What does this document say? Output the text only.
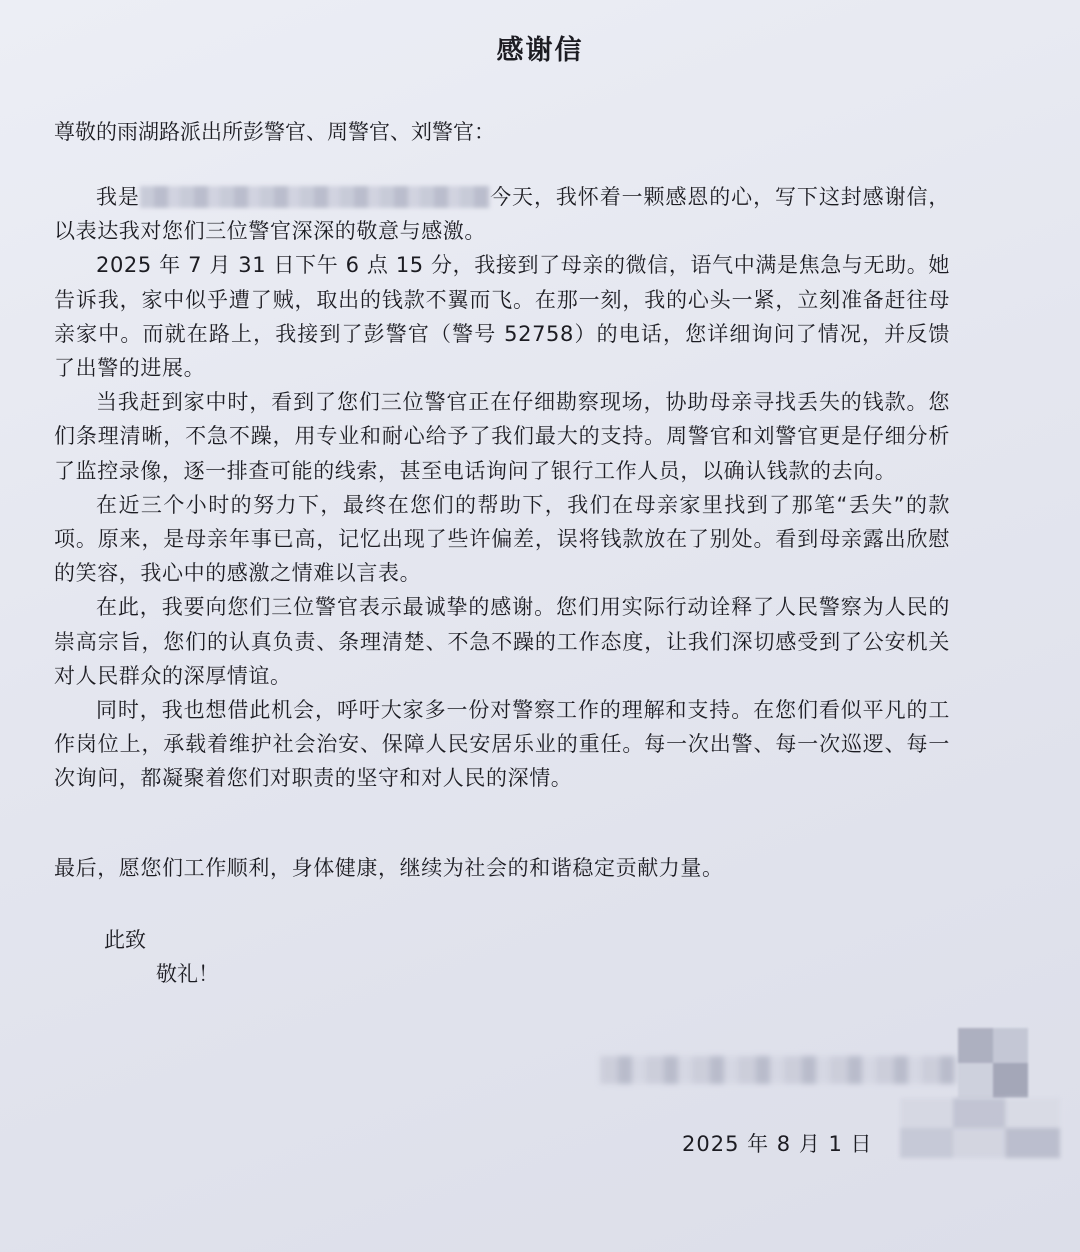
感谢信
尊敬的雨湖路派出所彭警官、周警官、刘警官：

我是	今天，我怀着一颗感恩的心，写下这封感谢信，以表达我对您们三位警官深深的敬意与感激。

2025 年 7 月 31 日下午 6 点 15 分，我接到了母亲的微信，语气中满是焦急与无助。她告诉我，家中似乎遭了贼，取出的钱款不翼而飞。在那一刻，我的心头一紧，立刻准备赶往母亲家中。而就在路上，我接到了彭警官（警号 52758）的电话，您详细询问了情况，并反馈了出警的进展。

当我赶到家中时，看到了您们三位警官正在仔细勘察现场，协助母亲寻找丢失的钱款。您们条理清晰，不急不躁，用专业和耐心给予了我们最大的支持。周警官和刘警官更是仔细分析了监控录像，逐一排查可能的线索，甚至电话询问了银行工作人员，以确认钱款的去向。

在近三个小时的努力下，最终在您们的帮助下，我们在母亲家里找到了那笔“丢失”的款项。原来，是母亲年事已高，记忆出现了些许偏差，误将钱款放在了别处。看到母亲露出欣慰的笑容，我心中的感激之情难以言表。

在此，我要向您们三位警官表示最诚挚的感谢。您们用实际行动诠释了人民警察为人民的崇高宗旨，您们的认真负责、条理清楚、不急不躁的工作态度，让我们深切感受到了公安机关对人民群众的深厚情谊。

同时，我也想借此机会，呼吁大家多一份对警察工作的理解和支持。在您们看似平凡的工作岗位上，承载着维护社会治安、保障人民安居乐业的重任。每一次出警、每一次巡逻、每一次询问，都凝聚着您们对职责的坚守和对人民的深情。

最后，愿您们工作顺利，身体健康，继续为社会的和谐稳定贡献力量。
此致
敬礼！
2025 年 8 月 1 日
